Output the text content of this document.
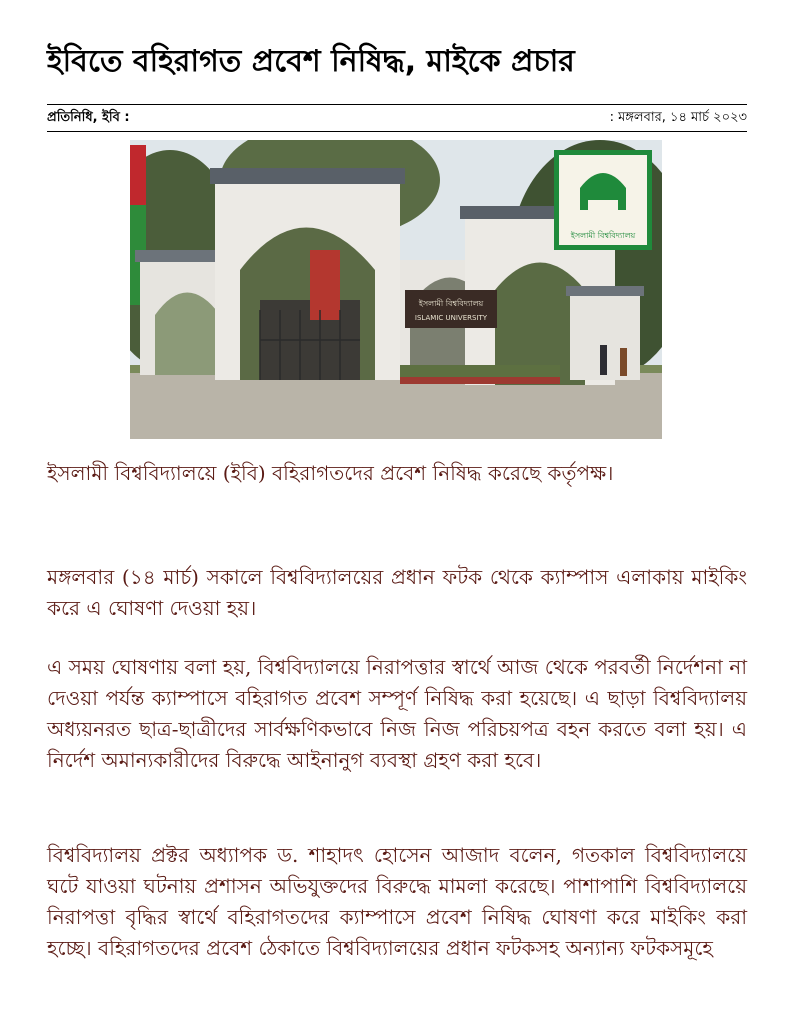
ইবিতে বহিরাগত প্রবেশ নিষিদ্ধ, মাইকে প্রচার
প্রতিনিধি, ইবি :	: মঙ্গলবার, ১৪ মার্চ ২০২৩
ইসলামী বিশ্ববিদ্যালয়
ISLAMIC UNIVERSITY
ইসলামী বিশ্ববিদ্যালয়

ইসলামী বিশ্ববিদ্যালয়ে (ইবি) বহিরাগতদের প্রবেশ নিষিদ্ধ করেছে কর্তৃপক্ষ।

মঙ্গলবার (১৪ মার্চ) সকালে বিশ্ববিদ্যালয়ের প্রধান ফটক থেকে ক্যাম্পাস এলাকায় মাইকিং করে এ ঘোষণা দেওয়া হয়।

এ সময় ঘোষণায় বলা হয়, বিশ্ববিদ্যালয়ে নিরাপত্তার স্বার্থে আজ থেকে পরবর্তী নির্দেশনা না দেওয়া পর্যন্ত ক্যাম্পাসে বহিরাগত প্রবেশ সম্পূর্ণ নিষিদ্ধ করা হয়েছে। এ ছাড়া বিশ্ববিদ্যালয় অধ্যয়নরত ছাত্র-ছাত্রীদের সার্বক্ষণিকভাবে নিজ নিজ পরিচয়পত্র বহন করতে বলা হয়। এ নির্দেশ অমান্যকারীদের বিরুদ্ধে আইনানুগ ব্যবস্থা গ্রহণ করা হবে।

বিশ্ববিদ্যালয় প্রক্টর অধ্যাপক ড. শাহাদৎ হোসেন আজাদ বলেন, গতকাল বিশ্ববিদ্যালয়ে ঘটে যাওয়া ঘটনায় প্রশাসন অভিযুক্তদের বিরুদ্ধে মামলা করেছে। পাশাপাশি বিশ্ববিদ্যালয়ে নিরাপত্তা বৃদ্ধির স্বার্থে বহিরাগতদের ক্যাম্পাসে প্রবেশ নিষিদ্ধ ঘোষণা করে মাইকিং করা হচ্ছে। বহিরাগতদের প্রবেশ ঠেকাতে বিশ্ববিদ্যালয়ের প্রধান ফটকসহ অন্যান্য ফটকসমূহে
